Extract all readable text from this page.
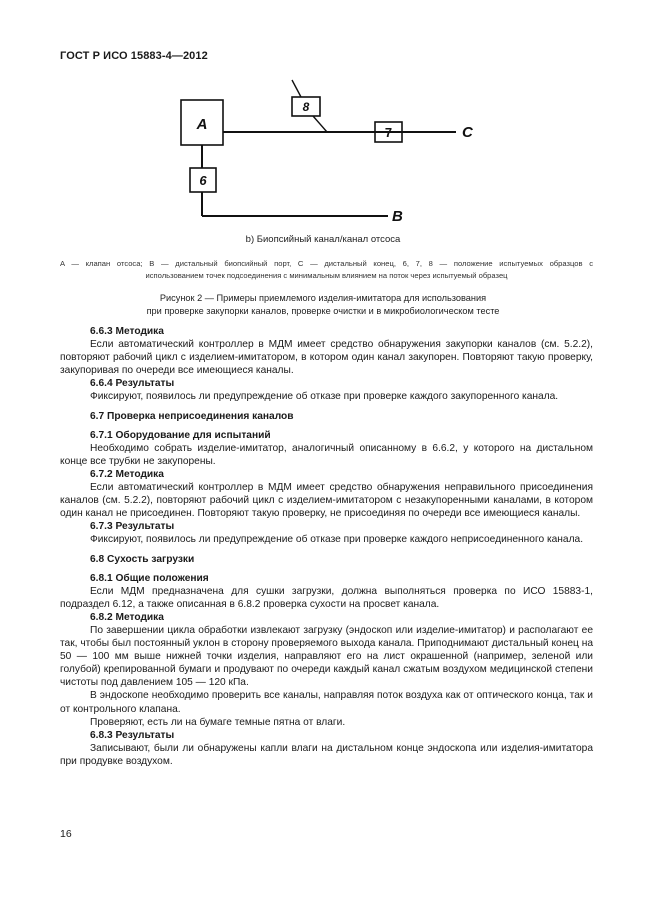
ГОСТ Р ИСО 15883-4—2012
A
8
7
6
C
B
b) Биопсийный канал/канал отсоса
A — клапан отсоса; B — дистальный биопсийный порт, C — дистальный конец, 6, 7, 8 — положение испытуемых образцов с
использованием точек подсоединения с минимальным влиянием на поток через испытуемый образец
Рисунок 2 — Примеры приемлемого изделия-имитатора для использования
при проверке закупорки каналов, проверке очистки и в микробиологическом тесте
6.6.3 Методика
Если автоматический контроллер в МДМ имеет средство обнаружения закупорки каналов (см. 5.2.2), повторяют рабочий цикл с изделием-имитатором, в котором один канал закупорен. Повторяют такую проверку, закупоривая по очереди все имеющиеся каналы.
6.6.4 Результаты
Фиксируют, появилось ли предупреждение об отказе при проверке каждого закупоренного канала.
6.7 Проверка неприсоединения каналов
6.7.1 Оборудование для испытаний
Необходимо собрать изделие-имитатор, аналогичный описанному в 6.6.2, у которого на дистальном конце все трубки не закупорены.
6.7.2 Методика
Если автоматический контроллер в МДМ имеет средство обнаружения неправильного присоединения каналов (см. 5.2.2), повторяют рабочий цикл с изделием-имитатором с незакупоренными каналами, в котором один канал не присоединен. Повторяют такую проверку, не присоединяя по очереди все имеющиеся каналы.
6.7.3 Результаты
Фиксируют, появилось ли предупреждение об отказе при проверке каждого неприсоединенного канала.
6.8 Сухость загрузки
6.8.1 Общие положения
Если МДМ предназначена для сушки загрузки, должна выполняться проверка по ИСО 15883-1, подраздел 6.12, а также описанная в 6.8.2 проверка сухости на просвет канала.
6.8.2 Методика
По завершении цикла обработки извлекают загрузку (эндоскоп или изделие-имитатор) и располагают ее так, чтобы был постоянный уклон в сторону проверяемого выхода канала. Приподнимают дистальный конец на 50 — 100 мм выше нижней точки изделия, направляют его на лист окрашенной (например, зеленой или голубой) крепированной бумаги и продувают по очереди каждый канал сжатым воздухом медицинской степени чистоты под давлением 105 — 120 кПа.
В эндоскопе необходимо проверить все каналы, направляя поток воздуха как от оптического конца, так и от контрольного клапана.
Проверяют, есть ли на бумаге темные пятна от влаги.
6.8.3 Результаты
Записывают, были ли обнаружены капли влаги на дистальном конце эндоскопа или изделия-имитатора при продувке воздухом.
16
